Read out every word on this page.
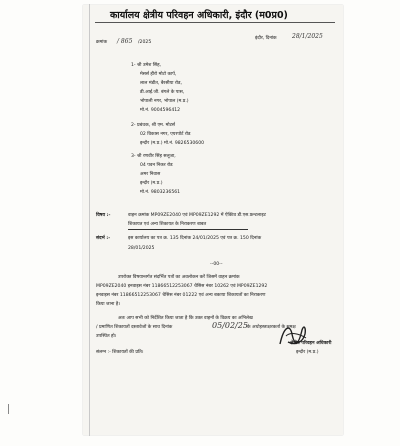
कार्यालय क्षेत्रीय परिवहन अधिकारी, इंदौर (म0प्र0)
क्रमांक / 865 /2025
इंदौर, दिनांक	28/1/2025
1- श्री उमेश सिंह,
मेसर्स हीरो मोटो कार्प,
लाल मंडीत, बैरसीया रोड,
डी.आई.जी. बंगले के पास,
भोपाली नगर, भोपाल (म.प्र.)
मो.नं. 9004596412
2- प्रबंधक, श्री एम. मोटर्स
02 विकास नगर, एयरपोर्ट रोड
इन्दौर (म.प्र.) मो.नं. 9826530600
3- श्री रणवीर सिंह सलूजा,
04 पवन निकर रोड
अमर निवास
इन्दौर (म.प्र.)
मो.नं. 9803236561
विषय :-	वाहन क्रमांक MP09ZE2040 एवं MP09ZE1292 में ऐक्टिव डी.एस.फ्रन्टलाइट
शिकायत एवं अन्य शिकायत के निराकरण बाबत
संदर्भ :-	इस कार्यालय का पत्र क्र. 135 दिनांक 24/01/2025 एवं पत्र क्र. 150 दिनांक
28/01/2025
--00--
उपरोक्त विषयान्तर्गत संदर्भित पत्रों का अवलोकन करें जिसमें वाहन क्रमांक
MP09ZE2040 इनवाइस नंबर 11866512253067 चैसिस नंबर 10262 एवं MP09ZE1292
इनवाइस नंबर 11866512253067 चैसिस नंबर 01222 एवं अन्य बकाया शिकायतों का निराकरण
किया जाना है।
अतः आप सभी को निर्देशित किया जाता है कि उक्त वाहनों के विक्रय का अभिलेख
/ प्रमाणित शिकायतों दस्तावेजों के साथ दिनांक	05/02/25 के अधोहस्ताक्षरकर्ता के समक्ष
उपस्थित हो।
संलग्न :- शिकायतों की प्रति।
क्षेत्रीय परिवहन अधिकारी
इन्दौर (म.प्र.)
